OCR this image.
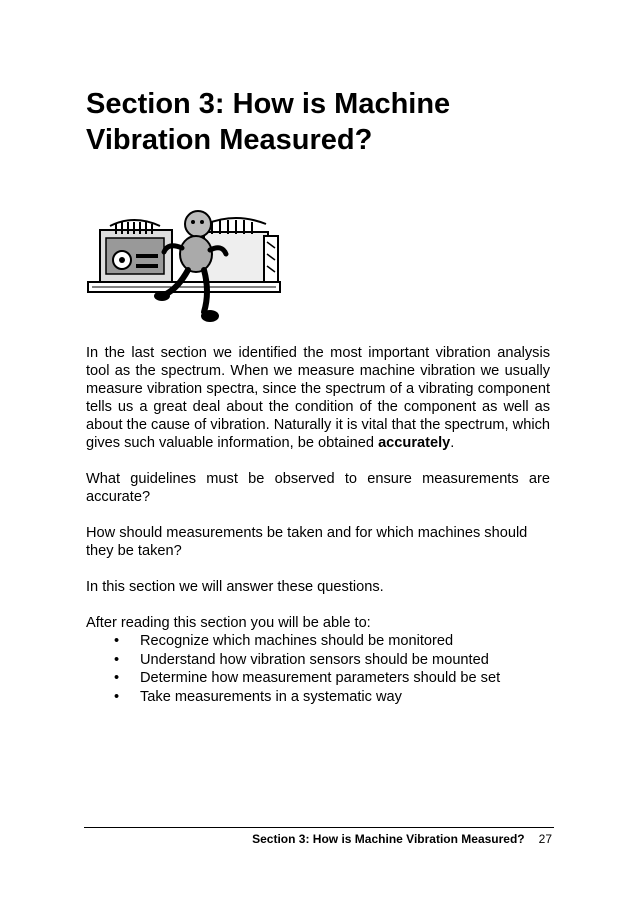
Section 3: How is Machine Vibration Measured?

In the last section we identified the most important vibration analysis tool as the spectrum. When we measure machine vibration we usually measure vibration spectra, since the spectrum of a vibrating component tells us a great deal about the condition of the component as well as about the cause of vibration. Naturally it is vital that the spectrum, which gives such valuable information, be obtained accurately.

What guidelines must be observed to ensure measurements are accurate?

How should measurements be taken and for which machines should they be taken?

In this section we will answer these questions.

After reading this section you will be able to:

• Recognize which machines should be monitored
• Understand how vibration sensors should be mounted
• Determine how measurement parameters should be set
• Take measurements in a systematic way
Section 3: How is Machine Vibration Measured? 27
